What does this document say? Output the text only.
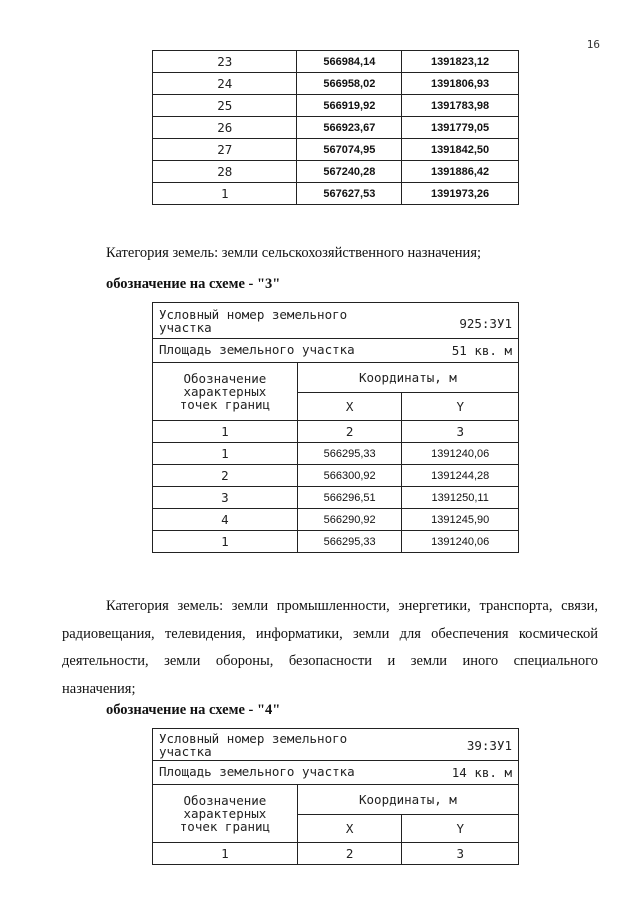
16
23	566984,14	1391823,12
24	566958,02	1391806,93
25	566919,92	1391783,98
26	566923,67	1391779,05
27	567074,95	1391842,50
28	567240,28	1391886,42
1	567627,53	1391973,26
Категория земель: земли сельскохозяйственного назначения;
обозначение на схеме - "3"
Условный номер земельного участка 925:ЗУ1		

Площадь земельного участка 51 кв. м		

Обозначение характерных точек границ	Координаты, м	
	X	Y
1	2	3
1	566295,33	1391240,06
2	566300,92	1391244,28
3	566296,51	1391250,11
4	566290,92	1391245,90
1	566295,33	1391240,06
Категория земель: земли промышленности, энергетики, транспорта, связи,
радиовещания, телевидения, информатики, земли для обеспечения космической
деятельности, земли обороны, безопасности и земли иного специального
назначения;
обозначение на схеме - "4"
Условный номер земельного участка 39:ЗУ1		

Площадь земельного участка 14 кв. м		

Обозначение характерных точек границ	Координаты, м	
	X	Y
1	2	3
